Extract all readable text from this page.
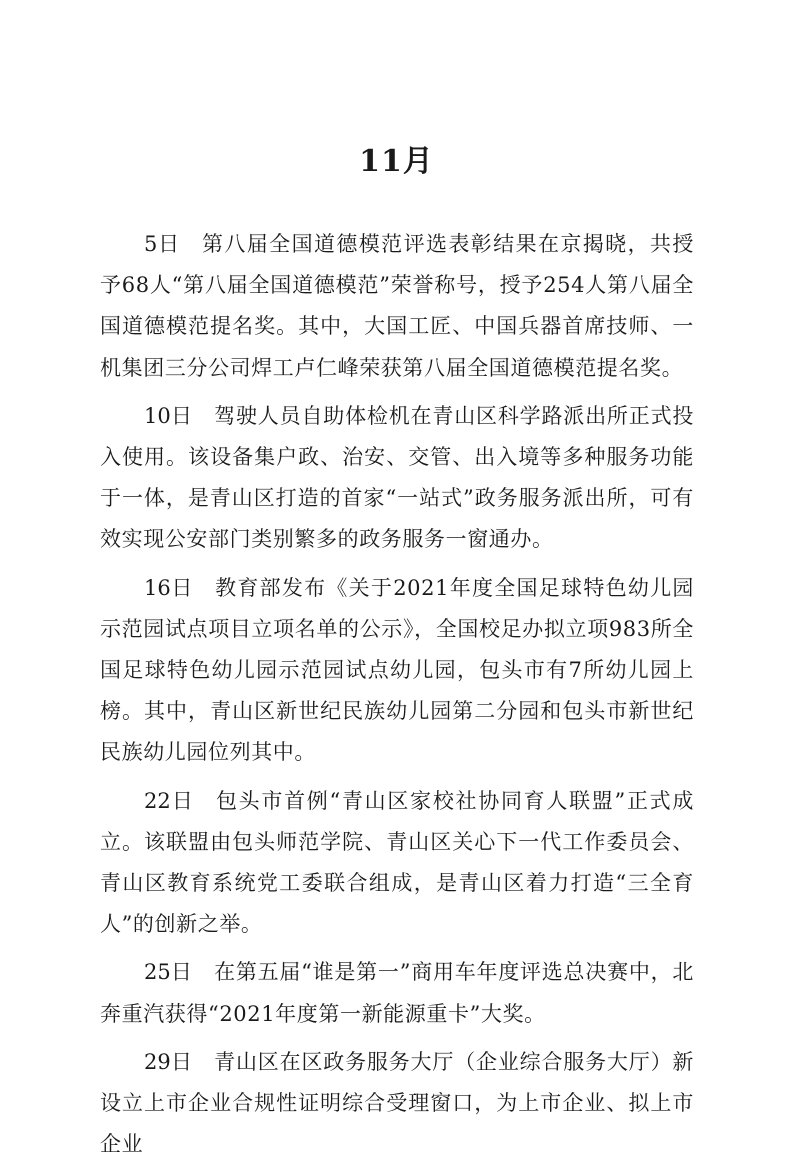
11月

5日 第八届全国道德模范评选表彰结果在京揭晓，共授予68人“第八届全国道德模范”荣誉称号，授予254人第八届全国道德模范提名奖。其中，大国工匠、中国兵器首席技师、一机集团三分公司焊工卢仁峰荣获第八届全国道德模范提名奖。

10日 驾驶人员自助体检机在青山区科学路派出所正式投入使用。该设备集户政、治安、交管、出入境等多种服务功能于一体，是青山区打造的首家“一站式”政务服务派出所，可有效实现公安部门类别繁多的政务服务一窗通办。

16日 教育部发布《关于2021年度全国足球特色幼儿园示范园试点项目立项名单的公示》，全国校足办拟立项983所全国足球特色幼儿园示范园试点幼儿园，包头市有7所幼儿园上榜。其中，青山区新世纪民族幼儿园第二分园和包头市新世纪民族幼儿园位列其中。

22日 包头市首例“青山区家校社协同育人联盟”正式成立。该联盟由包头师范学院、青山区关心下一代工作委员会、青山区教育系统党工委联合组成，是青山区着力打造“三全育人”的创新之举。

25日 在第五届“谁是第一”商用车年度评选总决赛中，北奔重汽获得“2021年度第一新能源重卡”大奖。

29日 青山区在区政务服务大厅（企业综合服务大厅）新设立上市企业合规性证明综合受理窗口，为上市企业、拟上市企业
